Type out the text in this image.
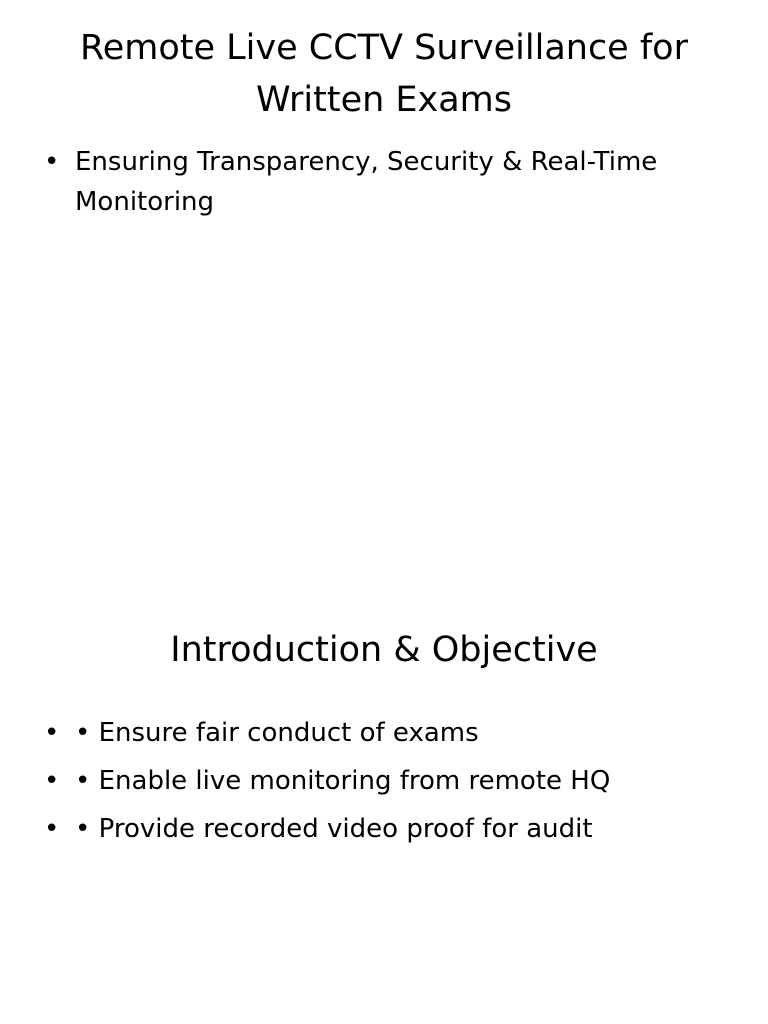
Remote Live CCTV Surveillance for Written Exams
• Ensuring Transparency, Security & Real-Time Monitoring
Introduction & Objective
• • Ensure fair conduct of exams
• • Enable live monitoring from remote HQ
• • Provide recorded video proof for audit
